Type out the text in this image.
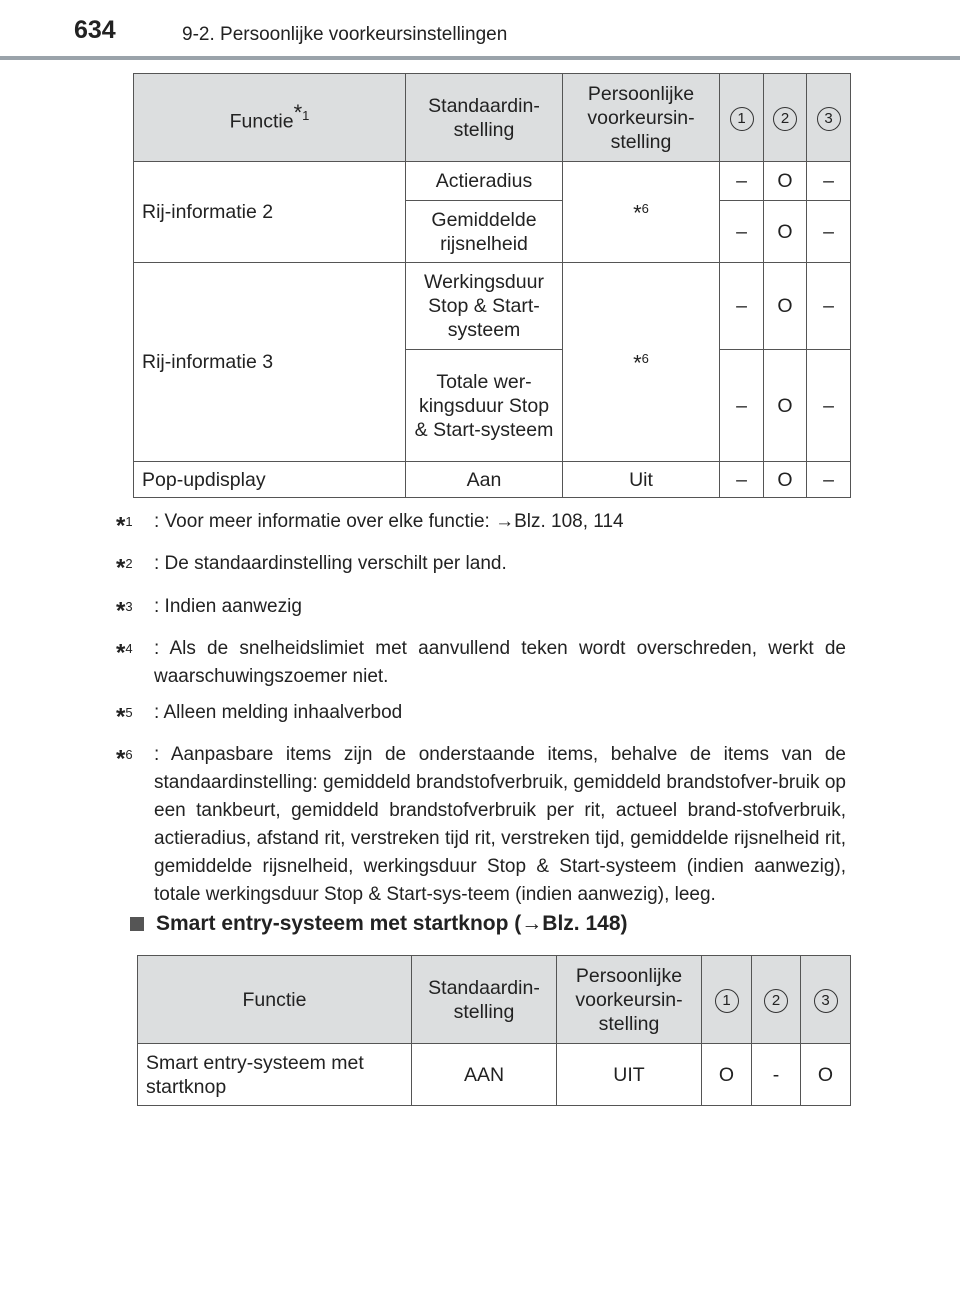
634	9-2. Persoonlijke voorkeursinstellingen
Functie$^{*1}$	Standaardin-stelling	Persoonlijke voorkeursin-stelling	1	2	3
Rij-informatie 2	Actieradius	*$^6$	–	O	–
	Gemiddelde rijsnelheid		–	O	–
Rij-informatie 3	Werkingsduur Stop & Start-systeem	*$^6$	–	O	–
	Totale wer-kingsduur Stop & Start-systeem		–	O	–
Pop-updisplay	Aan	Uit	–	O	–
*$^1$	: Voor meer informatie over elke functie: →Blz. 108, 114
*$^2$	: De standaardinstelling verschilt per land.
*$^3$	: Indien aanwezig
*$^4$	: Als de snelheidslimiet met aanvullend teken wordt overschreden, werkt de waarschuwingszoemer niet.
*$^5$	: Alleen melding inhaalverbod
*$^6$	: Aanpasbare items zijn de onderstaande items, behalve de items van de standaardinstelling: gemiddeld brandstofverbruik, gemiddeld brandstofver-bruik op een tankbeurt, gemiddeld brandstofverbruik per rit, actueel brand-stofverbruik, actieradius, afstand rit, verstreken tijd rit, verstreken tijd, gemiddelde rijsnelheid rit, gemiddelde rijsnelheid, werkingsduur Stop & Start-systeem (indien aanwezig), totale werkingsduur Stop & Start-sys-teem (indien aanwezig), leeg.
Smart entry-systeem met startknop (→Blz. 148)
Functie	Standaardin-stelling	Persoonlijke voorkeursin-stelling	1	2	3
Smart entry-systeem met startknop	AAN	UIT	O	-	O
